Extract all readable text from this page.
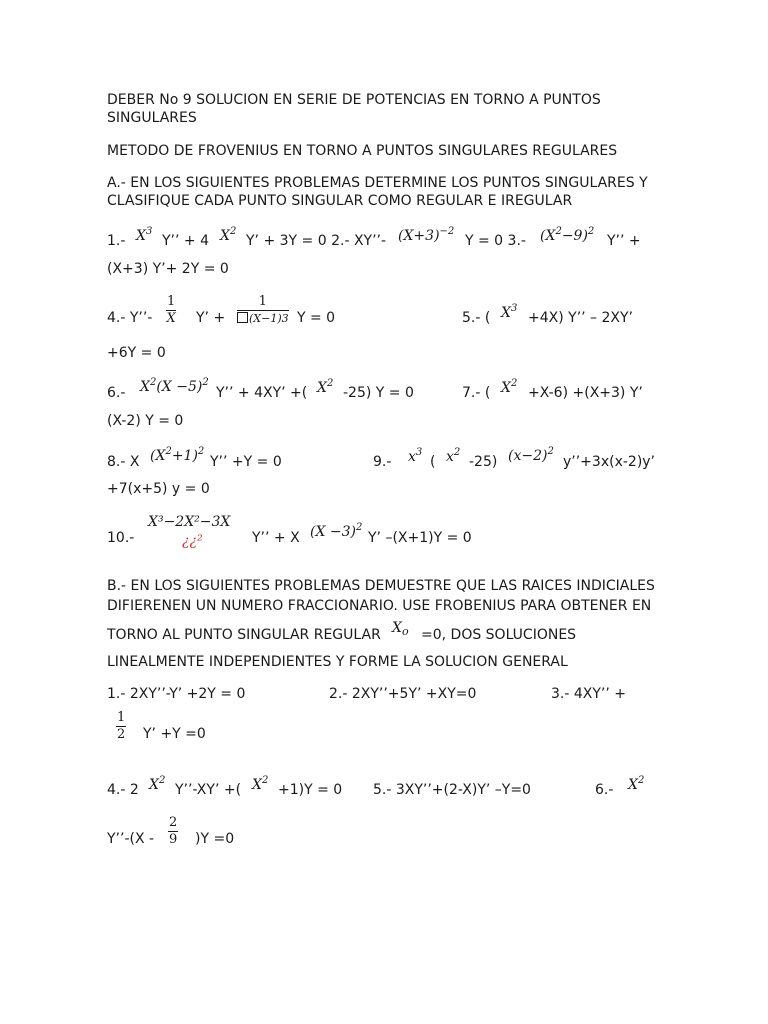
DEBER No 9 SOLUCION EN SERIE DE POTENCIAS EN TORNO A PUNTOS
SINGULARES
METODO DE FROVENIUS EN TORNO A PUNTOS SINGULARES REGULARES
A.- EN LOS SIGUIENTES PROBLEMAS DETERMINE LOS PUNTOS SINGULARES Y
CLASIFIQUE CADA PUNTO SINGULAR COMO REGULAR E IREGULAR
1.- $X^3$
Y’’ + 4 $X^2$
Y’ + 3Y = 0 2.- XY’’- $(X+3)^{-2}$
Y = 0 3.- $(X^2-9)^2$
Y’’ +
(X+3) Y’+ 2Y = 0
4.- Y’’-
1
X Y’ +
1
(X−1)3 Y = 0	5.- ( $X^3$
+4X) Y’’ – 2XY’
+6Y = 0
6.- $X^2(X -5)^2$
Y’’ + 4XY’ +( $X^2$
-25) Y = 0	7.- ( $X^2$
+X-6) +(X+3) Y’
(X-2) Y = 0
8.- X $(X^2+1)^2$
Y’’ +Y = 0	9.- $x^3$
( $x^2$
-25) $(x-2)^2$
y’’+3x(x-2)y’
+7(x+5) y = 0
10.-
X³−2X²−3X
¿¿²	Y’’ + X $(X -3)^2$
Y’ –(X+1)Y = 0
B.- EN LOS SIGUIENTES PROBLEMAS DEMUESTRE QUE LAS RAICES INDICIALES
DIFIERENEN UN NUMERO FRACCIONARIO. USE FROBENIUS PARA OBTENER EN
TORNO AL PUNTO SINGULAR REGULAR $X_o =0$, DOS SOLUCIONES
LINEALMENTE INDEPENDIENTES Y FORME LA SOLUCION GENERAL
1.- 2XY’’-Y’ +2Y = 0	2.- 2XY’’+5Y’ +XY=0	3.- 4XY’’ +
1
2 Y’ +Y =0
4.- 2 $X^2$
Y’’-XY’ +( $X^2$
+1)Y = 0 5.- 3XY’’+(2-X)Y’ –Y=0	6.- $X^2$
Y’’-(X -
2
9 )Y =0
